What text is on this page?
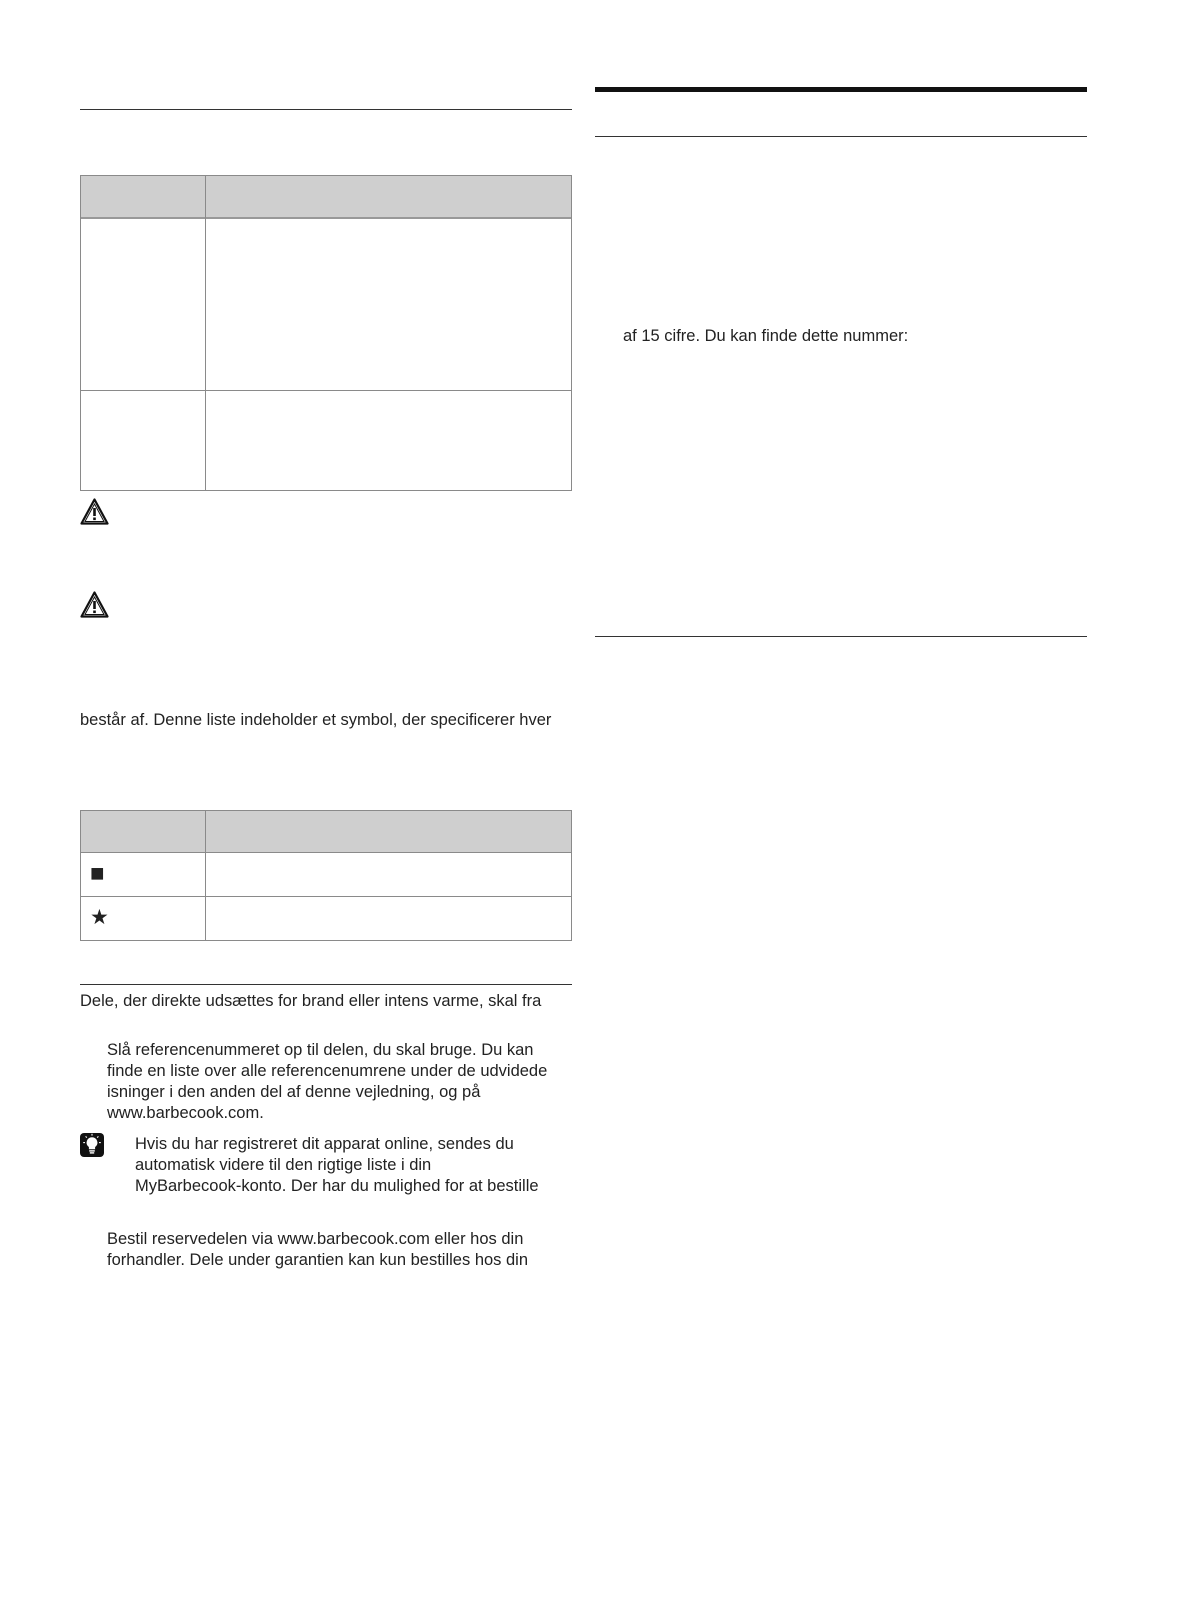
består af. Denne liste indeholder et symbol, der specificerer hver
■
★
Dele, der direkte udsættes for brand eller intens varme, skal fra
Slå referencenummeret op til delen, du skal bruge. Du kan
finde en liste over alle referencenumrene under de udvidede
isninger i den anden del af denne vejledning, og på
www.barbecook.com.
Hvis du har registreret dit apparat online, sendes du
automatisk videre til den rigtige liste i din
MyBarbecook-konto. Der har du mulighed for at bestille
Bestil reservedelen via www.barbecook.com eller hos din
forhandler. Dele under garantien kan kun bestilles hos din
af 15 cifre. Du kan finde dette nummer:
